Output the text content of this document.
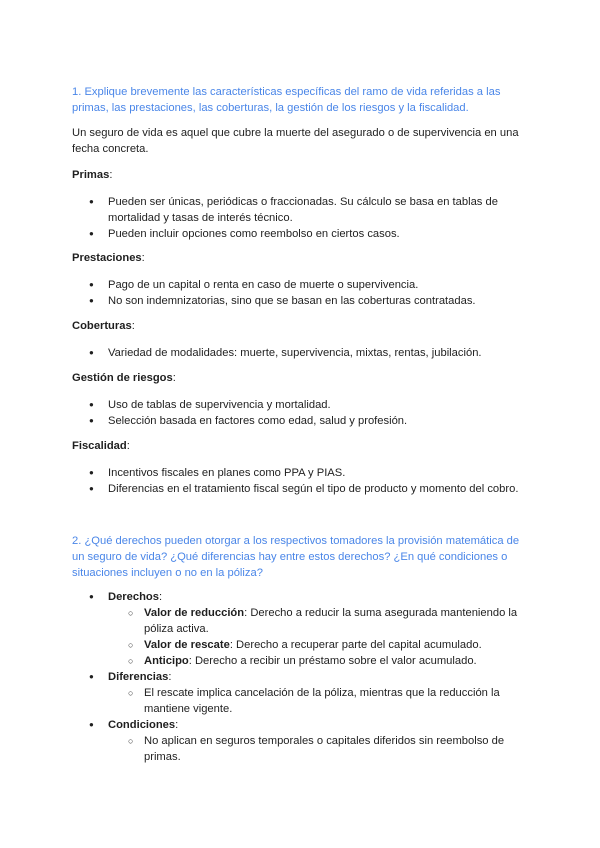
1. Explique brevemente las características específicas del ramo de vida referidas a las primas, las prestaciones, las coberturas, la gestión de los riesgos y la fiscalidad.
Un seguro de vida es aquel que cubre la muerte del asegurado o de supervivencia en una fecha concreta.
Primas:
● Pueden ser únicas, periódicas o fraccionadas. Su cálculo se basa en tablas de mortalidad y tasas de interés técnico.
● Pueden incluir opciones como reembolso en ciertos casos.
Prestaciones:
● Pago de un capital o renta en caso de muerte o supervivencia.
● No son indemnizatorias, sino que se basan en las coberturas contratadas.
Coberturas:
● Variedad de modalidades: muerte, supervivencia, mixtas, rentas, jubilación.
Gestión de riesgos:
● Uso de tablas de supervivencia y mortalidad.
● Selección basada en factores como edad, salud y profesión.
Fiscalidad:
● Incentivos fiscales en planes como PPA y PIAS.
● Diferencias en el tratamiento fiscal según el tipo de producto y momento del cobro.
2. ¿Qué derechos pueden otorgar a los respectivos tomadores la provisión matemática de un seguro de vida? ¿Qué diferencias hay entre estos derechos? ¿En qué condiciones o situaciones incluyen o no en la póliza?
● Derechos:
○ Valor de reducción: Derecho a reducir la suma asegurada manteniendo la póliza activa.
○ Valor de rescate: Derecho a recuperar parte del capital acumulado.
○ Anticipo: Derecho a recibir un préstamo sobre el valor acumulado.
● Diferencias:
○ El rescate implica cancelación de la póliza, mientras que la reducción la mantiene vigente.
● Condiciones:
○ No aplican en seguros temporales o capitales diferidos sin reembolso de primas.
